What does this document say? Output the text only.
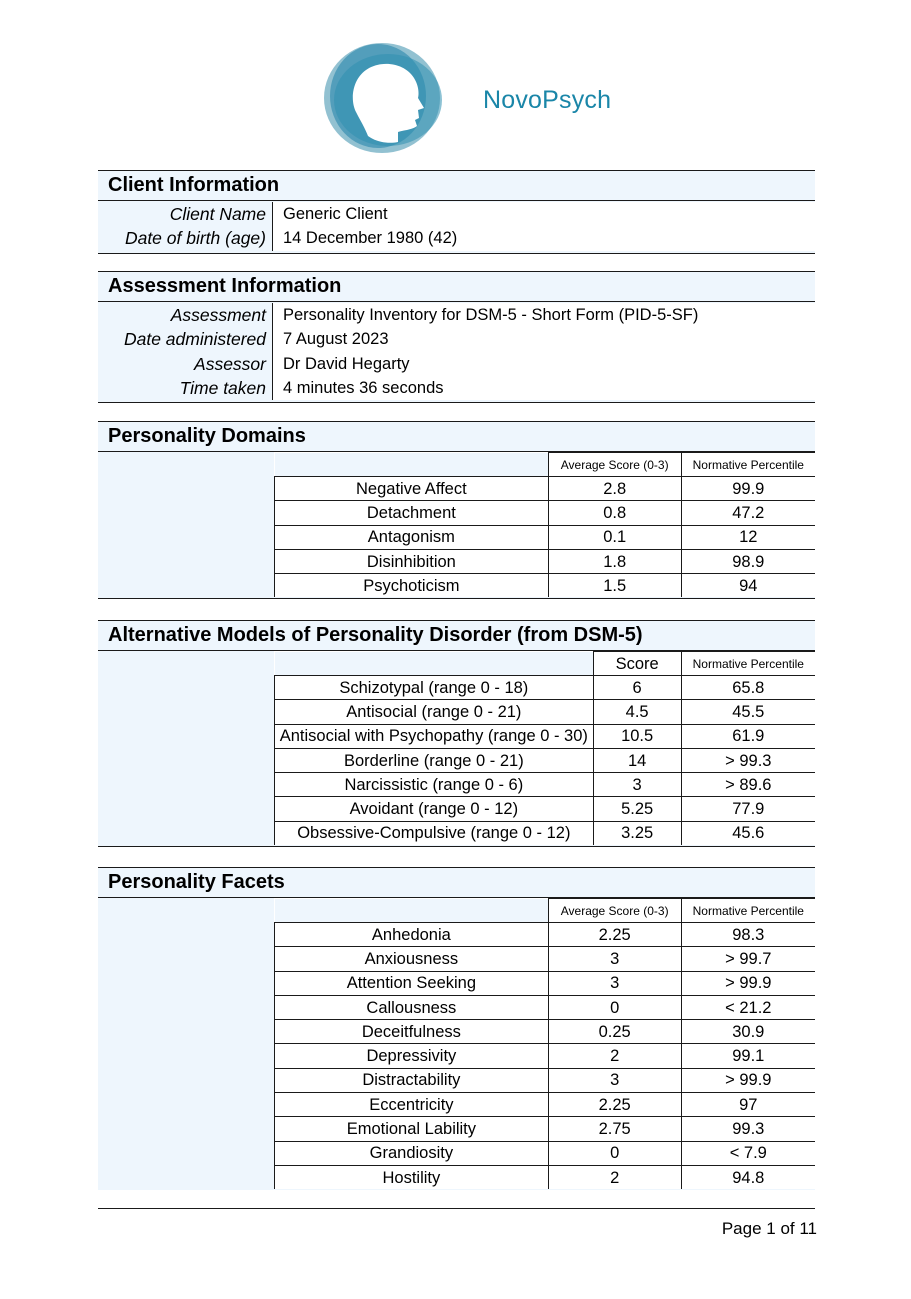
NovoPsych
Client Information
Client Name	Generic Client
Date of birth (age)	14 December 1980 (42)
Assessment Information
Assessment	Personality Inventory for DSM-5 - Short Form (PID-5-SF)
Date administered	7 August 2023
Assessor	Dr David Hegarty
Time taken	4 minutes 36 seconds
Personality Domains
	Average Score (0-3)	Normative Percentile
Negative Affect	2.8	99.9
Detachment	0.8	47.2
Antagonism	0.1	12
Disinhibition	1.8	98.9
Psychoticism	1.5	94
Alternative Models of Personality Disorder (from DSM-5)
	Score	Normative Percentile
Schizotypal (range 0 - 18)	6	65.8
Antisocial (range 0 - 21)	4.5	45.5
Antisocial with Psychopathy (range 0 - 30)	10.5	61.9
Borderline (range 0 - 21)	14	> 99.3
Narcissistic (range 0 - 6)	3	> 89.6
Avoidant (range 0 - 12)	5.25	77.9
Obsessive-Compulsive (range 0 - 12)	3.25	45.6
Personality Facets
	Average Score (0-3)	Normative Percentile
Anhedonia	2.25	98.3
Anxiousness	3	> 99.7
Attention Seeking	3	> 99.9
Callousness	0	< 21.2
Deceitfulness	0.25	30.9
Depressivity	2	99.1
Distractability	3	> 99.9
Eccentricity	2.25	97
Emotional Lability	2.75	99.3
Grandiosity	0	< 7.9
Hostility	2	94.8
Page 1 of 11
